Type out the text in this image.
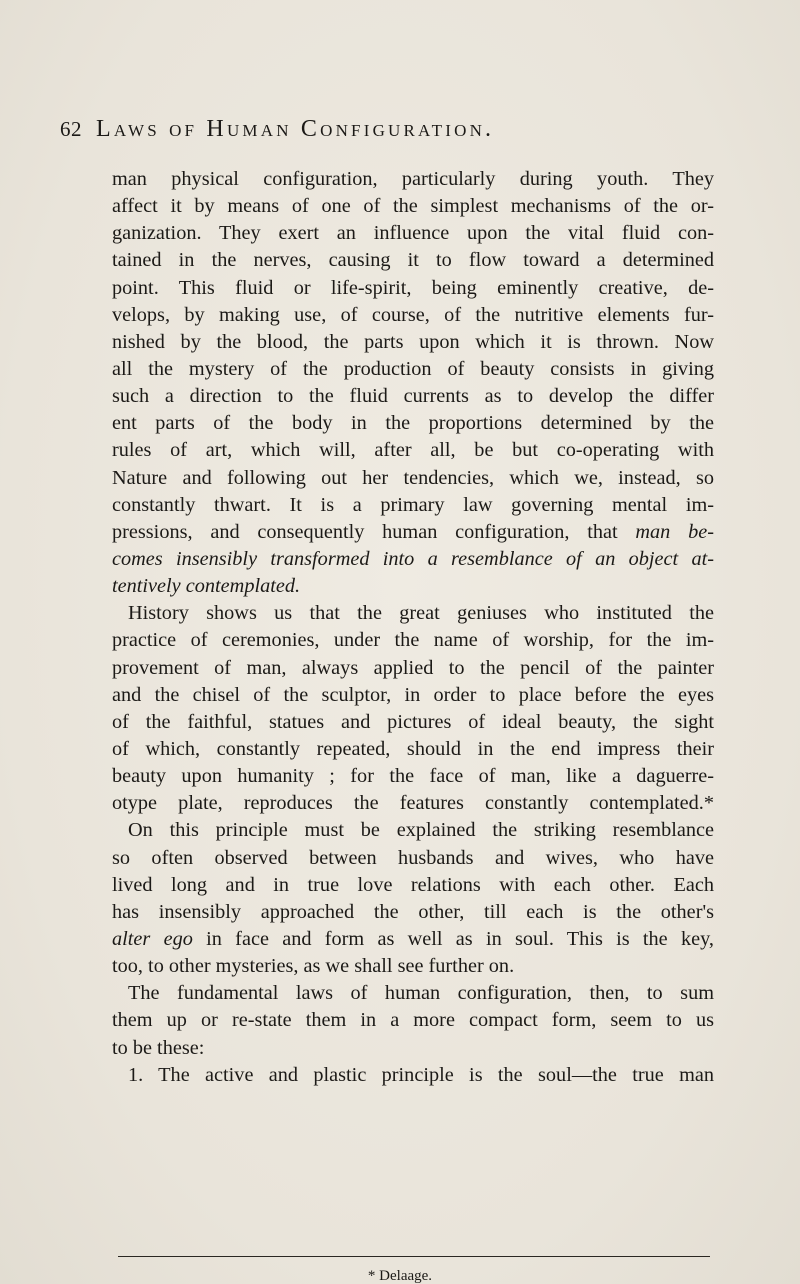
62 Laws of Human Configuration.
man physical configuration, particularly during youth. They
affect it by means of one of the simplest mechanisms of the or-
ganization. They exert an influence upon the vital fluid con-
tained in the nerves, causing it to flow toward a determined
point. This fluid or life-spirit, being eminently creative, de-
velops, by making use, of course, of the nutritive elements fur-
nished by the blood, the parts upon which it is thrown. Now
all the mystery of the production of beauty consists in giving
such a direction to the fluid currents as to develop the differ
ent parts of the body in the proportions determined by the
rules of art, which will, after all, be but co-operating with
Nature and following out her tendencies, which we, instead, so
constantly thwart. It is a primary law governing mental im-
pressions, and consequently human configuration, that man be-
comes insensibly transformed into a resemblance of an object at-
tentively contemplated.
History shows us that the great geniuses who instituted the
practice of ceremonies, under the name of worship, for the im-
provement of man, always applied to the pencil of the painter
and the chisel of the sculptor, in order to place before the eyes
of the faithful, statues and pictures of ideal beauty, the sight
of which, constantly repeated, should in the end impress their
beauty upon humanity ; for the face of man, like a daguerre-
otype plate, reproduces the features constantly contemplated.*
On this principle must be explained the striking resemblance
so often observed between husbands and wives, who have
lived long and in true love relations with each other. Each
has insensibly approached the other, till each is the other's
alter ego in face and form as well as in soul. This is the key,
too, to other mysteries, as we shall see further on.
The fundamental laws of human configuration, then, to sum
them up or re-state them in a more compact form, seem to us
to be these:
1. The active and plastic principle is the soul—the true man
* Delaage.
